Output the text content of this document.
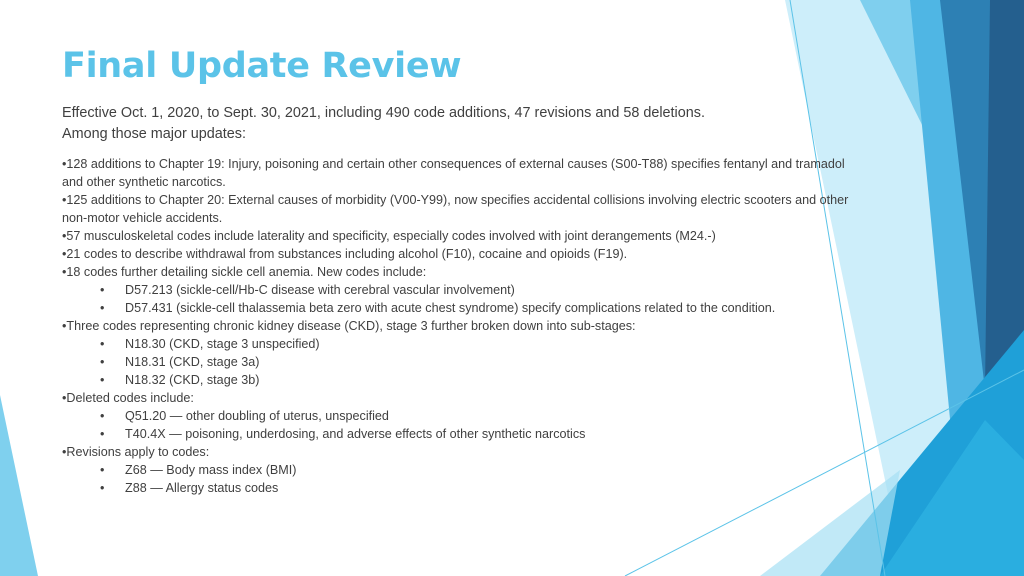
Final Update Review
Effective Oct. 1, 2020, to Sept. 30, 2021, including 490 code additions, 47 revisions and 58 deletions.
Among those major updates:
•128 additions to Chapter 19: Injury, poisoning and certain other consequences of external causes (S00-T88) specifies fentanyl and tramadol and other synthetic narcotics.
•125 additions to Chapter 20: External causes of morbidity (V00-Y99), now specifies accidental collisions involving electric scooters and other non-motor vehicle accidents.
•57 musculoskeletal codes include laterality and specificity, especially codes involved with joint derangements (M24.-)
•21 codes to describe withdrawal from substances including alcohol (F10), cocaine and opioids (F19).
•18 codes further detailing sickle cell anemia. New codes include:
• D57.213 (sickle-cell/Hb-C disease with cerebral vascular involvement)
• D57.431 (sickle-cell thalassemia beta zero with acute chest syndrome) specify complications related to the condition.
•Three codes representing chronic kidney disease (CKD), stage 3 further broken down into sub-stages:
• N18.30 (CKD, stage 3 unspecified)
• N18.31 (CKD, stage 3a)
• N18.32 (CKD, stage 3b)
•Deleted codes include:
• Q51.20 — other doubling of uterus, unspecified
• T40.4X — poisoning, underdosing, and adverse effects of other synthetic narcotics
•Revisions apply to codes:
• Z68 — Body mass index (BMI)
• Z88 — Allergy status codes
